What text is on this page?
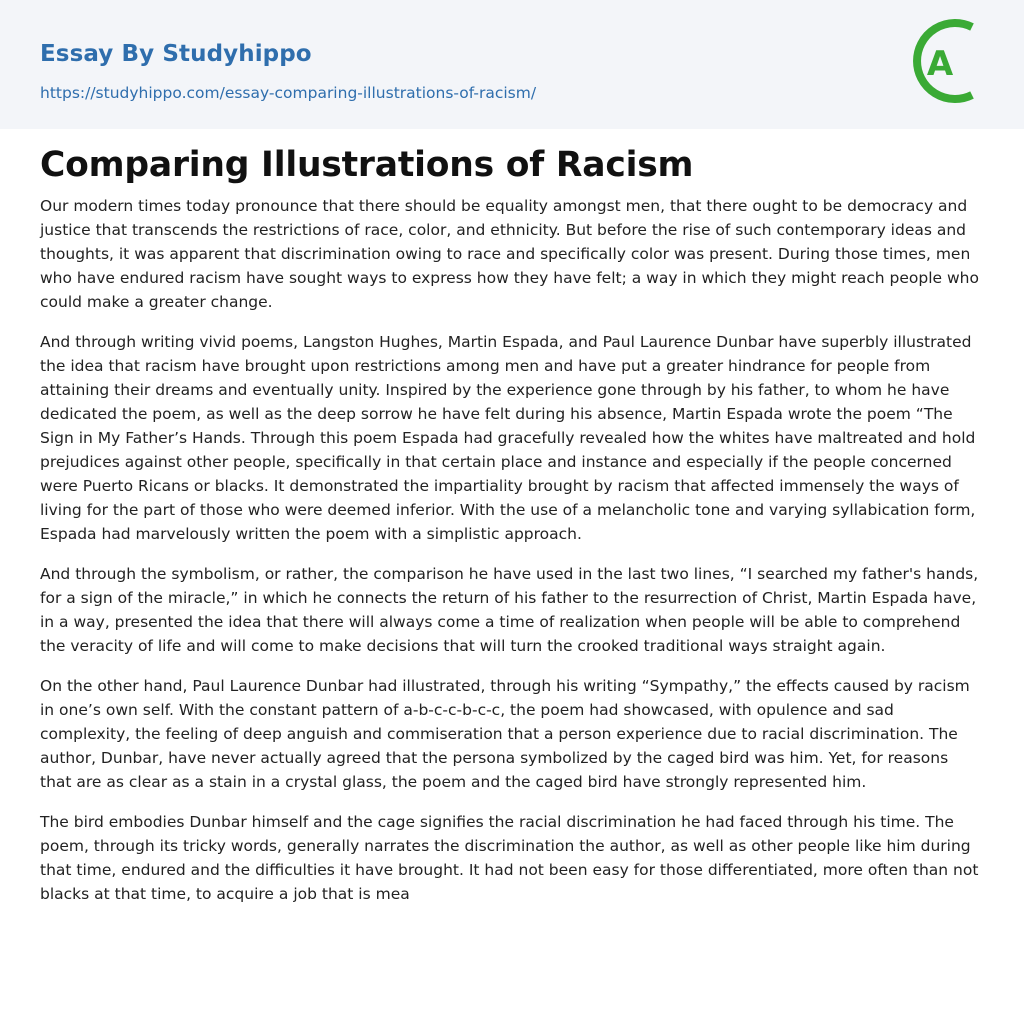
Essay By Studyhippo
https://studyhippo.com/essay-comparing-illustrations-of-racism/
A
Comparing Illustrations of Racism

Our modern times today pronounce that there should be equality amongst men, that there ought to be democracy and justice that transcends the restrictions of race, color, and ethnicity. But before the rise of such contemporary ideas and thoughts, it was apparent that discrimination owing to race and specifically color was present. During those times, men who have endured racism have sought ways to express how they have felt; a way in which they might reach people who could make a greater change.

And through writing vivid poems, Langston Hughes, Martin Espada, and Paul Laurence Dunbar have superbly illustrated the idea that racism have brought upon restrictions among men and have put a greater hindrance for people from attaining their dreams and eventually unity. Inspired by the experience gone through by his father, to whom he have dedicated the poem, as well as the deep sorrow he have felt during his absence, Martin Espada wrote the poem “The Sign in My Father’s Hands. Through this poem Espada had gracefully revealed how the whites have maltreated and hold prejudices against other people, specifically in that certain place and instance and especially if the people concerned were Puerto Ricans or blacks. It demonstrated the impartiality brought by racism that affected immensely the ways of living for the part of those who were deemed inferior. With the use of a melancholic tone and varying syllabication form, Espada had marvelously written the poem with a simplistic approach.

And through the symbolism, or rather, the comparison he have used in the last two lines, “I searched my father's hands, for a sign of the miracle,” in which he connects the return of his father to the resurrection of Christ, Martin Espada have, in a way, presented the idea that there will always come a time of realization when people will be able to comprehend the veracity of life and will come to make decisions that will turn the crooked traditional ways straight again.

On the other hand, Paul Laurence Dunbar had illustrated, through his writing “Sympathy,” the effects caused by racism in one’s own self. With the constant pattern of a-b-c-c-b-c-c, the poem had showcased, with opulence and sad complexity, the feeling of deep anguish and commiseration that a person experience due to racial discrimination. The author, Dunbar, have never actually agreed that the persona symbolized by the caged bird was him. Yet, for reasons that are as clear as a stain in a crystal glass, the poem and the caged bird have strongly represented him.

The bird embodies Dunbar himself and the cage signifies the racial discrimination he had faced through his time. The poem, through its tricky words, generally narrates the discrimination the author, as well as other people like him during that time, endured and the difficulties it have brought. It had not been easy for those differentiated, more often than not blacks at that time, to acquire a job that is mea
